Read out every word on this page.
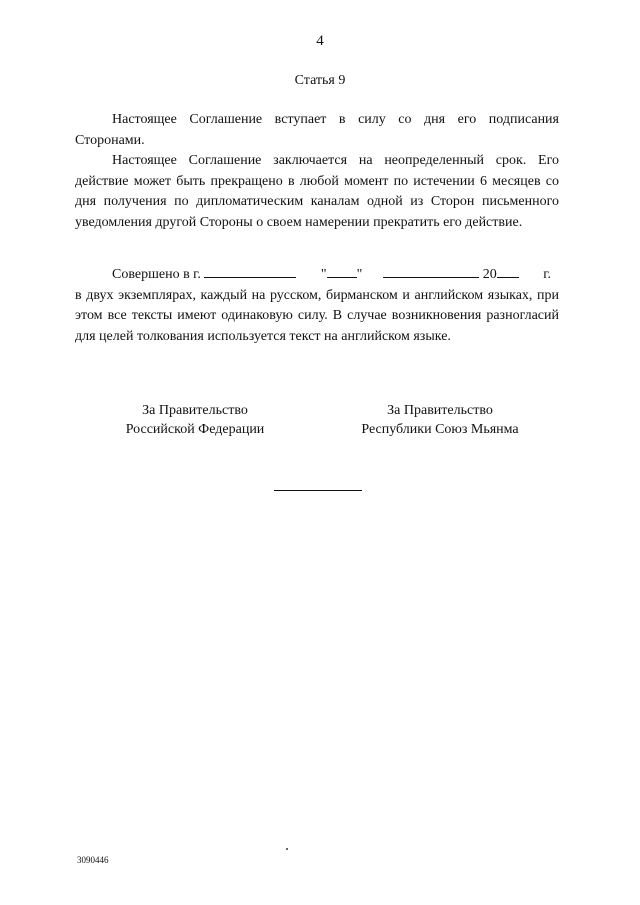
4
Статья 9

Настоящее Соглашение вступает в силу со дня его подписания Сторонами.

Настоящее Соглашение заключается на неопределенный срок. Его действие может быть прекращено в любой момент по истечении 6 месяцев со дня получения по дипломатическим каналам одной из Сторон письменного уведомления другой Стороны о своем намерении прекратить его действие.

Совершено в г.	" "	20	г.

в двух экземплярах, каждый на русском, бирманском и английском языках, при этом все тексты имеют одинаковую силу. В случае возникновения разногласий для целей толкования используется текст на английском языке.

За Правительство
Российской Федерации
За Правительство
Республики Союз Мьянма
3090446
